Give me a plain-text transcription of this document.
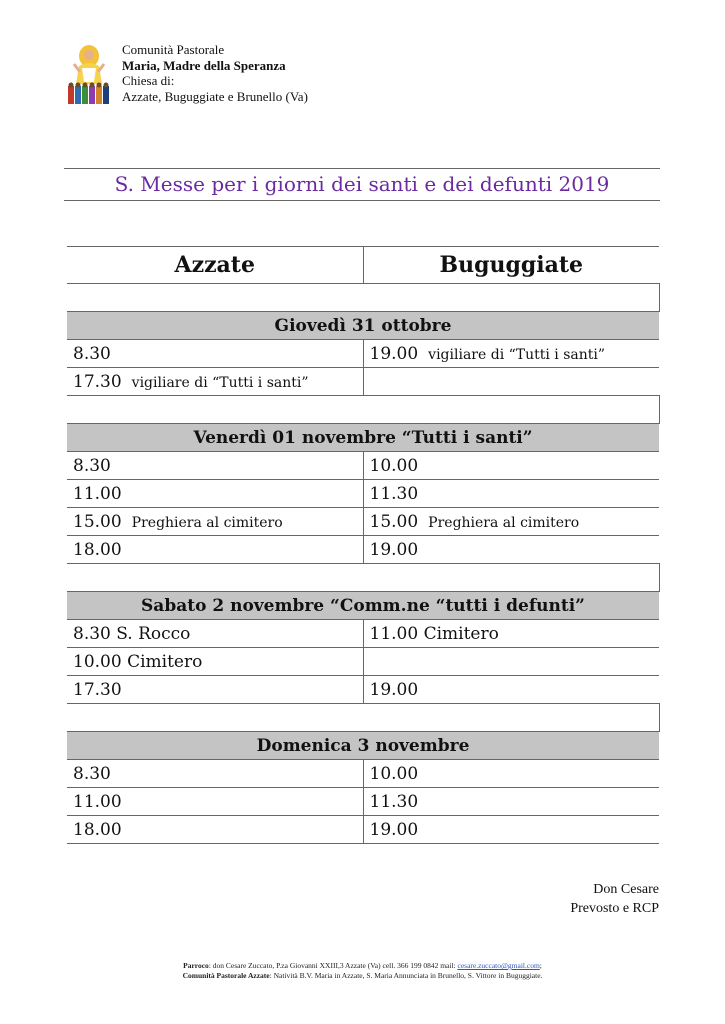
Comunità Pastorale
Maria, Madre della Speranza
Chiesa di:
Azzate, Buguggiate e Brunello (Va)
S. Messe per i giorni dei santi e dei defunti 2019
Azzate	Buguggiate

Giovedì 31 ottobre	
8.30	19.00 vigiliare di “Tutti i santi”
17.30 vigiliare di “Tutti i santi”	

Venerdì 01 novembre “Tutti i santi”	
8.30	10.00
11.00	11.30
15.00 Preghiera al cimitero	15.00 Preghiera al cimitero
18.00	19.00

Sabato 2 novembre “Comm.ne “tutti i defunti”	
8.30 S. Rocco	11.00 Cimitero
10.00 Cimitero	
17.30	19.00

Domenica 3 novembre	
8.30	10.00
11.00	11.30
18.00	19.00
Don Cesare
Prevosto e RCP
Parroco: don Cesare Zuccato, P.za Giovanni XXIII,3 Azzate (Va) cell. 366 199 0842 mail: cesare.zuccato@gmail.com;
Comunità Pastorale Azzate: Natività B.V. Maria in Azzate, S. Maria Annunciata in Brunello, S. Vittore in Buguggiate.
